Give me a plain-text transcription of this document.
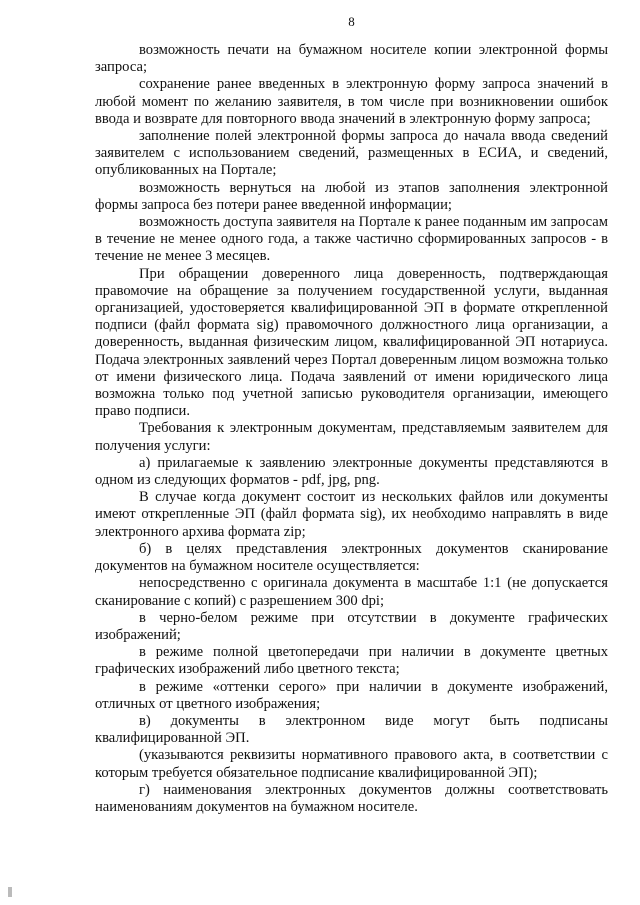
8

возможность печати на бумажном носителе копии электронной формы запроса;

сохранение ранее введенных в электронную форму запроса значений в любой момент по желанию заявителя, в том числе при возникновении ошибок ввода и возврате для повторного ввода значений в электронную форму запроса;

заполнение полей электронной формы запроса до начала ввода сведений заявителем с использованием сведений, размещенных в ЕСИА, и сведений, опубликованных на Портале;

возможность вернуться на любой из этапов заполнения электронной формы запроса без потери ранее введенной информации;

возможность доступа заявителя на Портале к ранее поданным им запросам в течение не менее одного года, а также частично сформированных запросов - в течение не менее 3 месяцев.

При обращении доверенного лица доверенность, подтверждающая правомочие на обращение за получением государственной услуги, выданная организацией, удостоверяется квалифицированной ЭП в формате открепленной подписи (файл формата sig) правомочного должностного лица организации, а доверенность, выданная физическим лицом, квалифицированной ЭП нотариуса. Подача электронных заявлений через Портал доверенным лицом возможна только от имени физического лица. Подача заявлений от имени юридического лица возможна только под учетной записью руководителя организации, имеющего право подписи.

Требования к электронным документам, представляемым заявителем для получения услуги:

а) прилагаемые к заявлению электронные документы представляются в одном из следующих форматов - pdf, jpg, png.

В случае когда документ состоит из нескольких файлов или документы имеют открепленные ЭП (файл формата sig), их необходимо направлять в виде электронного архива формата zip;

б) в целях представления электронных документов сканирование документов на бумажном носителе осуществляется:

непосредственно с оригинала документа в масштабе 1:1 (не допускается сканирование с копий) с разрешением 300 dpi;

в черно-белом режиме при отсутствии в документе графических изображений;

в режиме полной цветопередачи при наличии в документе цветных графических изображений либо цветного текста;

в режиме «оттенки серого» при наличии в документе изображений, отличных от цветного изображения;

в) документы в электронном виде могут быть подписаны квалифицированной ЭП.

(указываются реквизиты нормативного правового акта, в соответствии с которым требуется обязательное подписание квалифицированной ЭП);

г) наименования электронных документов должны соответствовать наименованиям документов на бумажном носителе.
